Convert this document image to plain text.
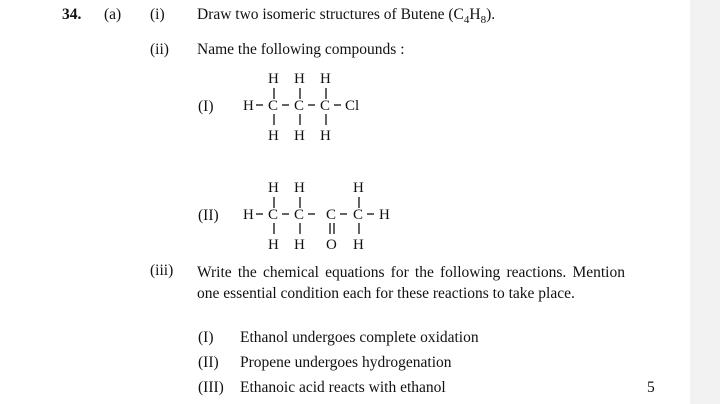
34. (a) (i) Draw two isomeric structures of Butene $(C_4H_8)$.
(ii) Name the following compounds :
(I)
(II)
H H H
H C C C Cl
H H H
H H	H
H C C C C H
H H O H
(iii) Write the chemical equations for the following reactions. Mention one essential condition each for these reactions to take place.
(I) Ethanol undergoes complete oxidation
(II) Propene undergoes hydrogenation
(III) Ethanoic acid reacts with ethanol	5
